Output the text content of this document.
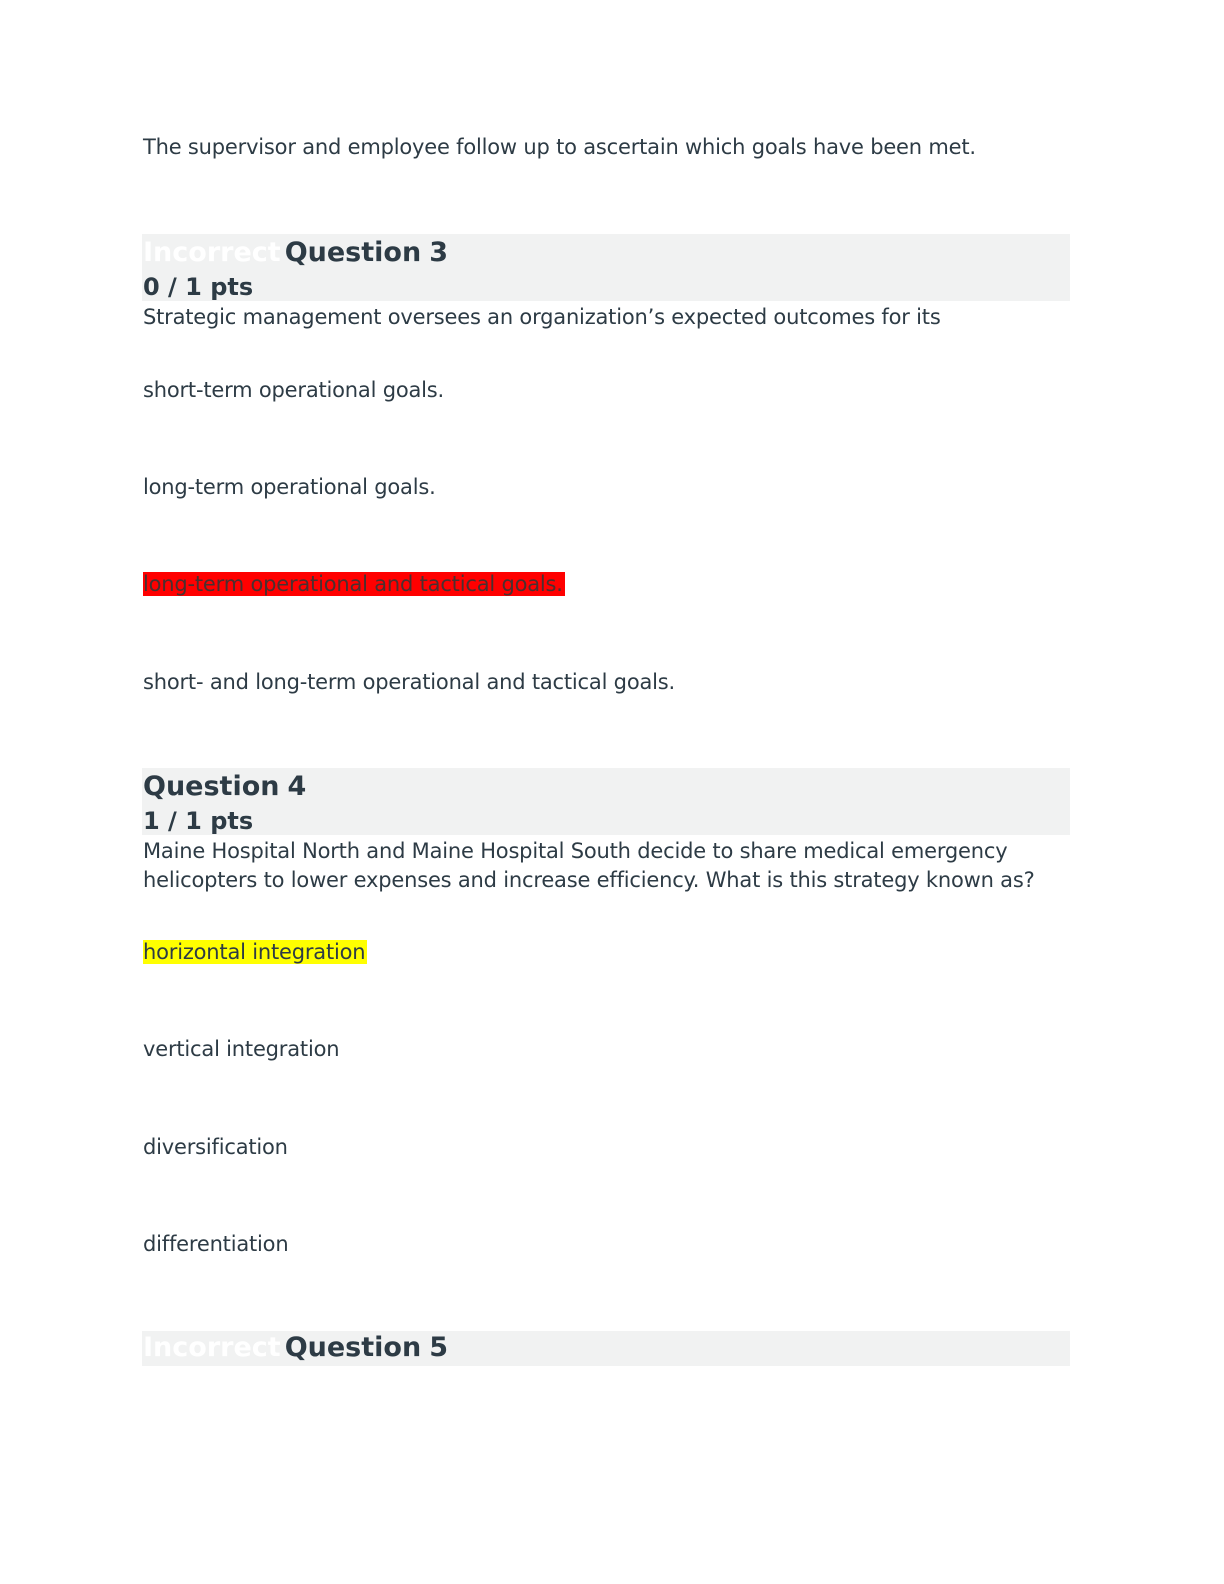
The supervisor and employee follow up to ascertain which goals have been met.
Incorrect Question 3
0 / 1 pts
Strategic management oversees an organization’s expected outcomes for its
short-term operational goals.
long-term operational goals.
long-term operational and tactical goals.
short- and long-term operational and tactical goals.
Question 4
1 / 1 pts
Maine Hospital North and Maine Hospital South decide to share medical emergency
helicopters to lower expenses and increase efficiency. What is this strategy known as?
horizontal integration
vertical integration
diversification
differentiation
Incorrect Question 5
